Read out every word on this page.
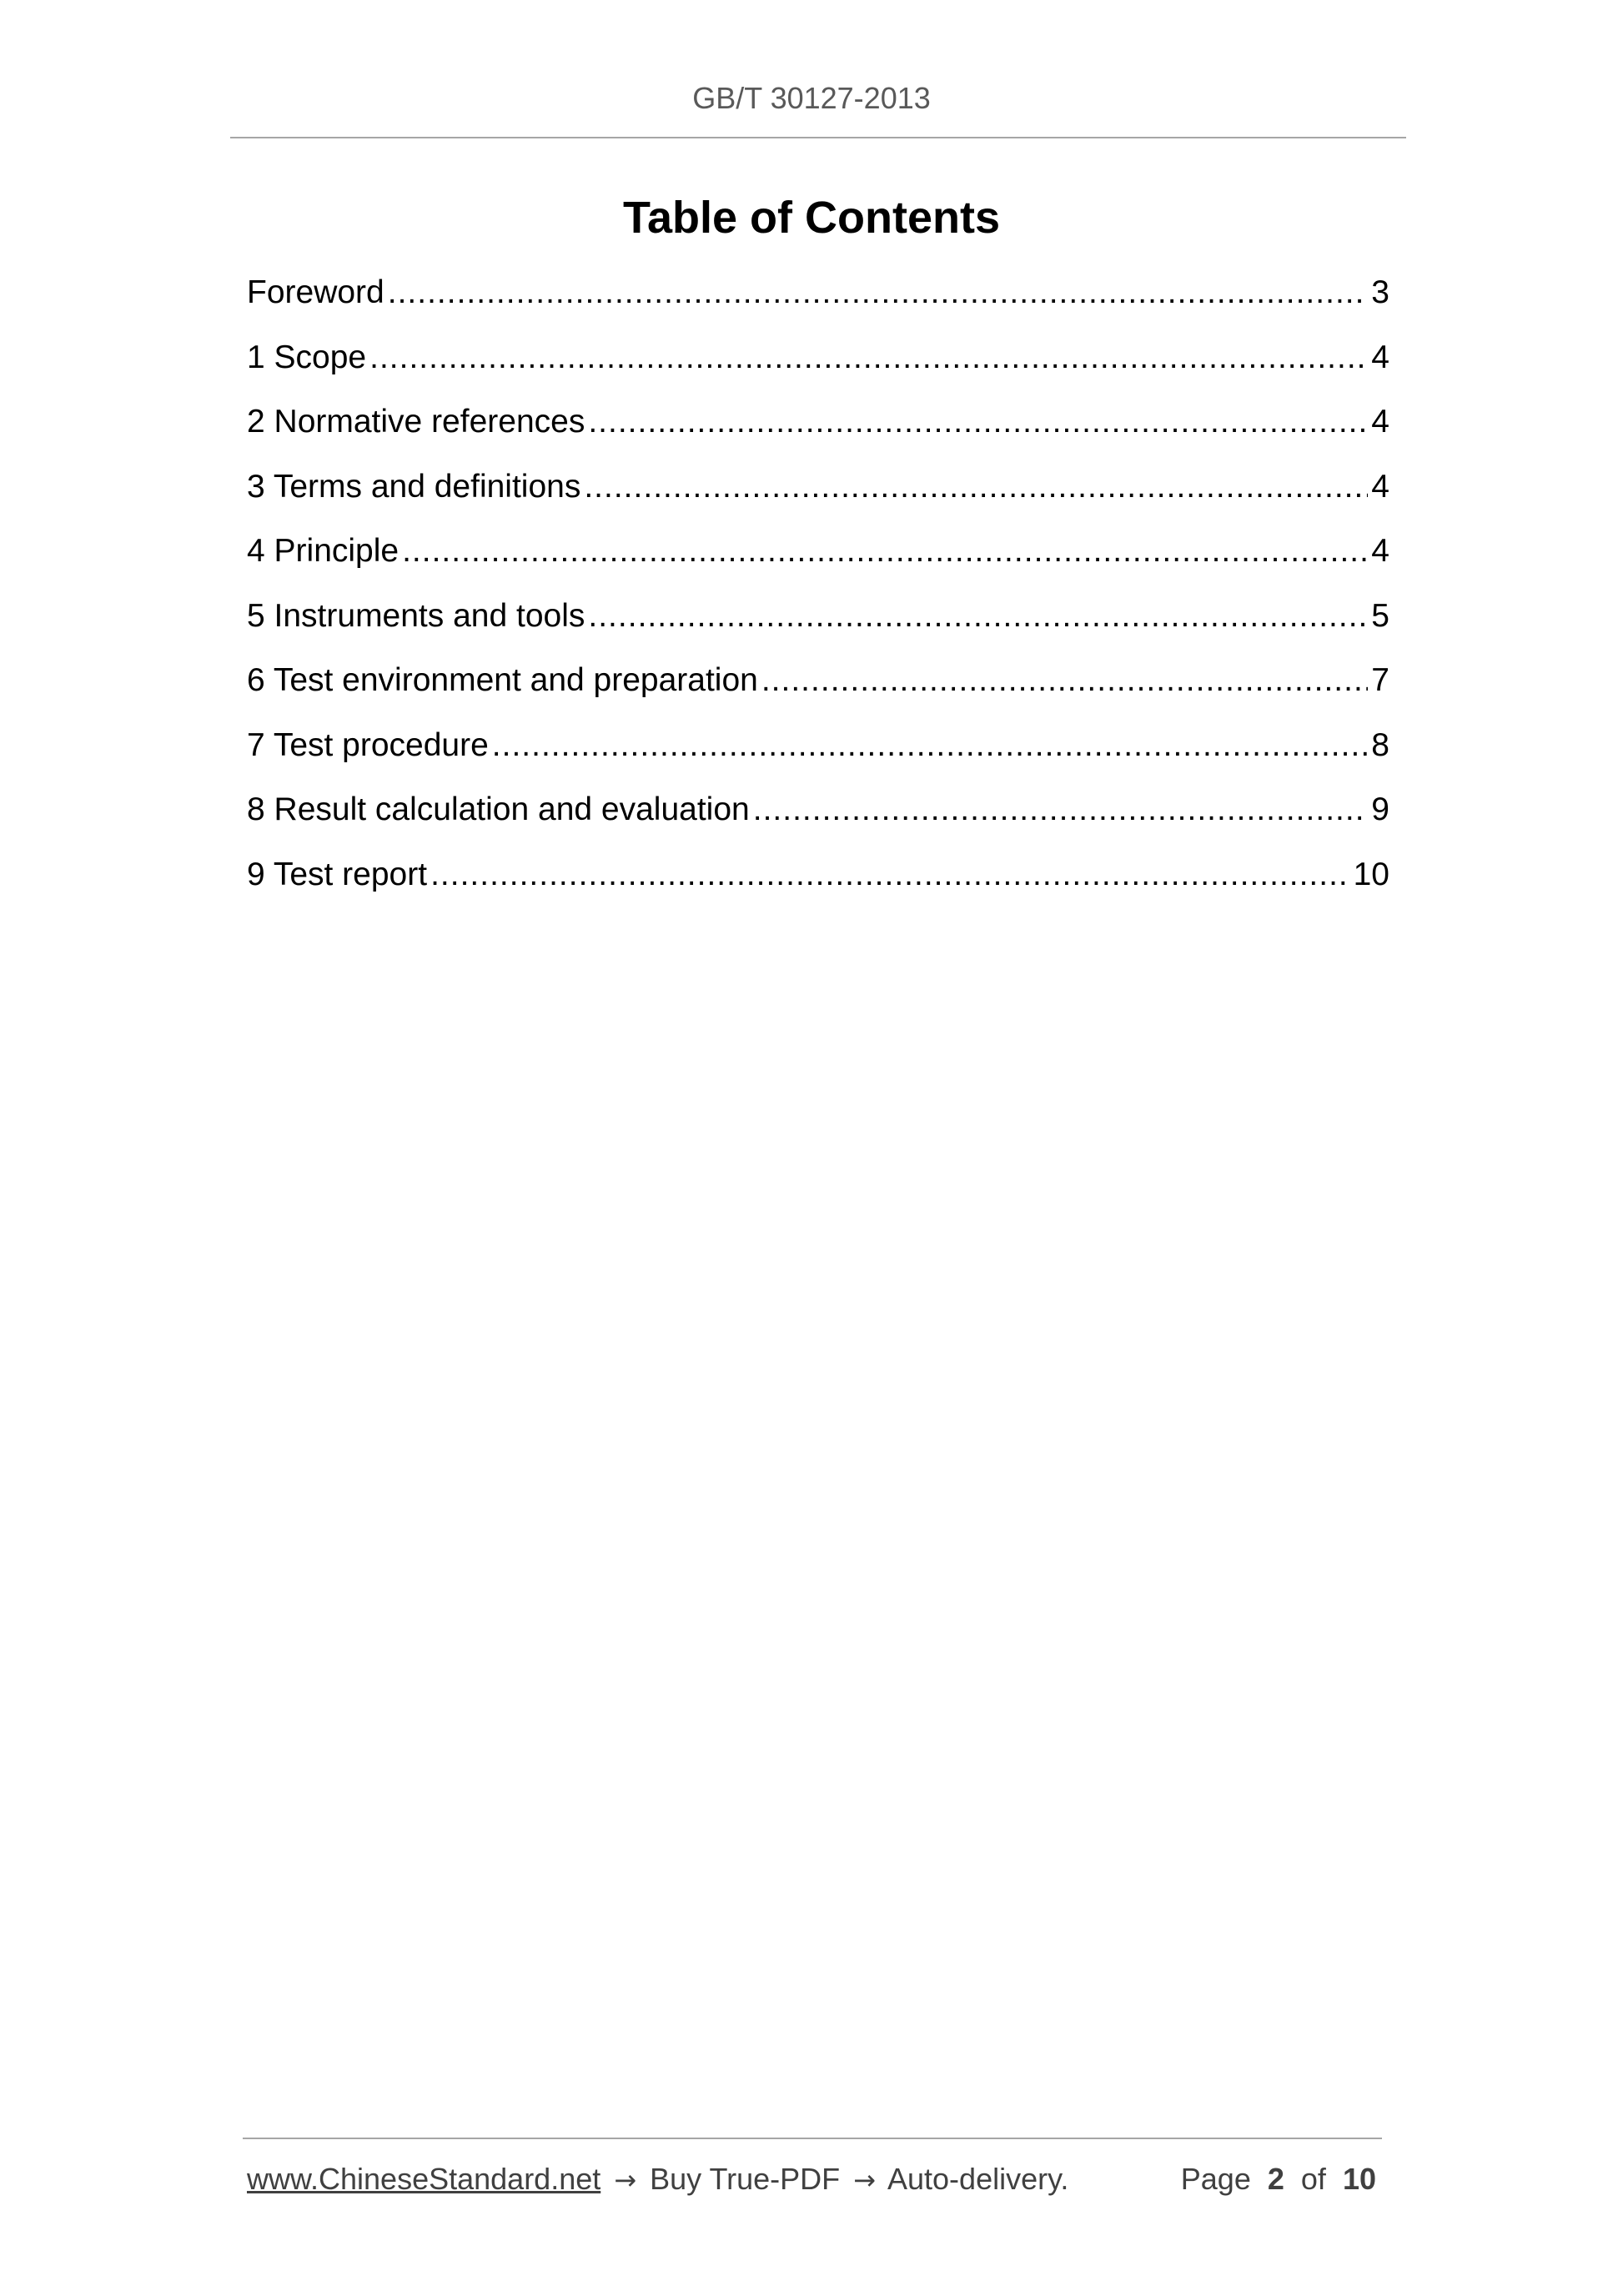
GB/T 30127-2013
Table of Contents
Foreword .....	3
1 Scope .....	4
2 Normative references .....	4
3 Terms and definitions .....	4
4 Principle .....	4
5 Instruments and tools .....	5
6 Test environment and preparation .....	7
7 Test procedure .....	8
8 Result calculation and evaluation .....	9
9 Test report .....	10
www.ChineseStandard.net → Buy True-PDF → Auto-delivery.	Page 2 of 10
